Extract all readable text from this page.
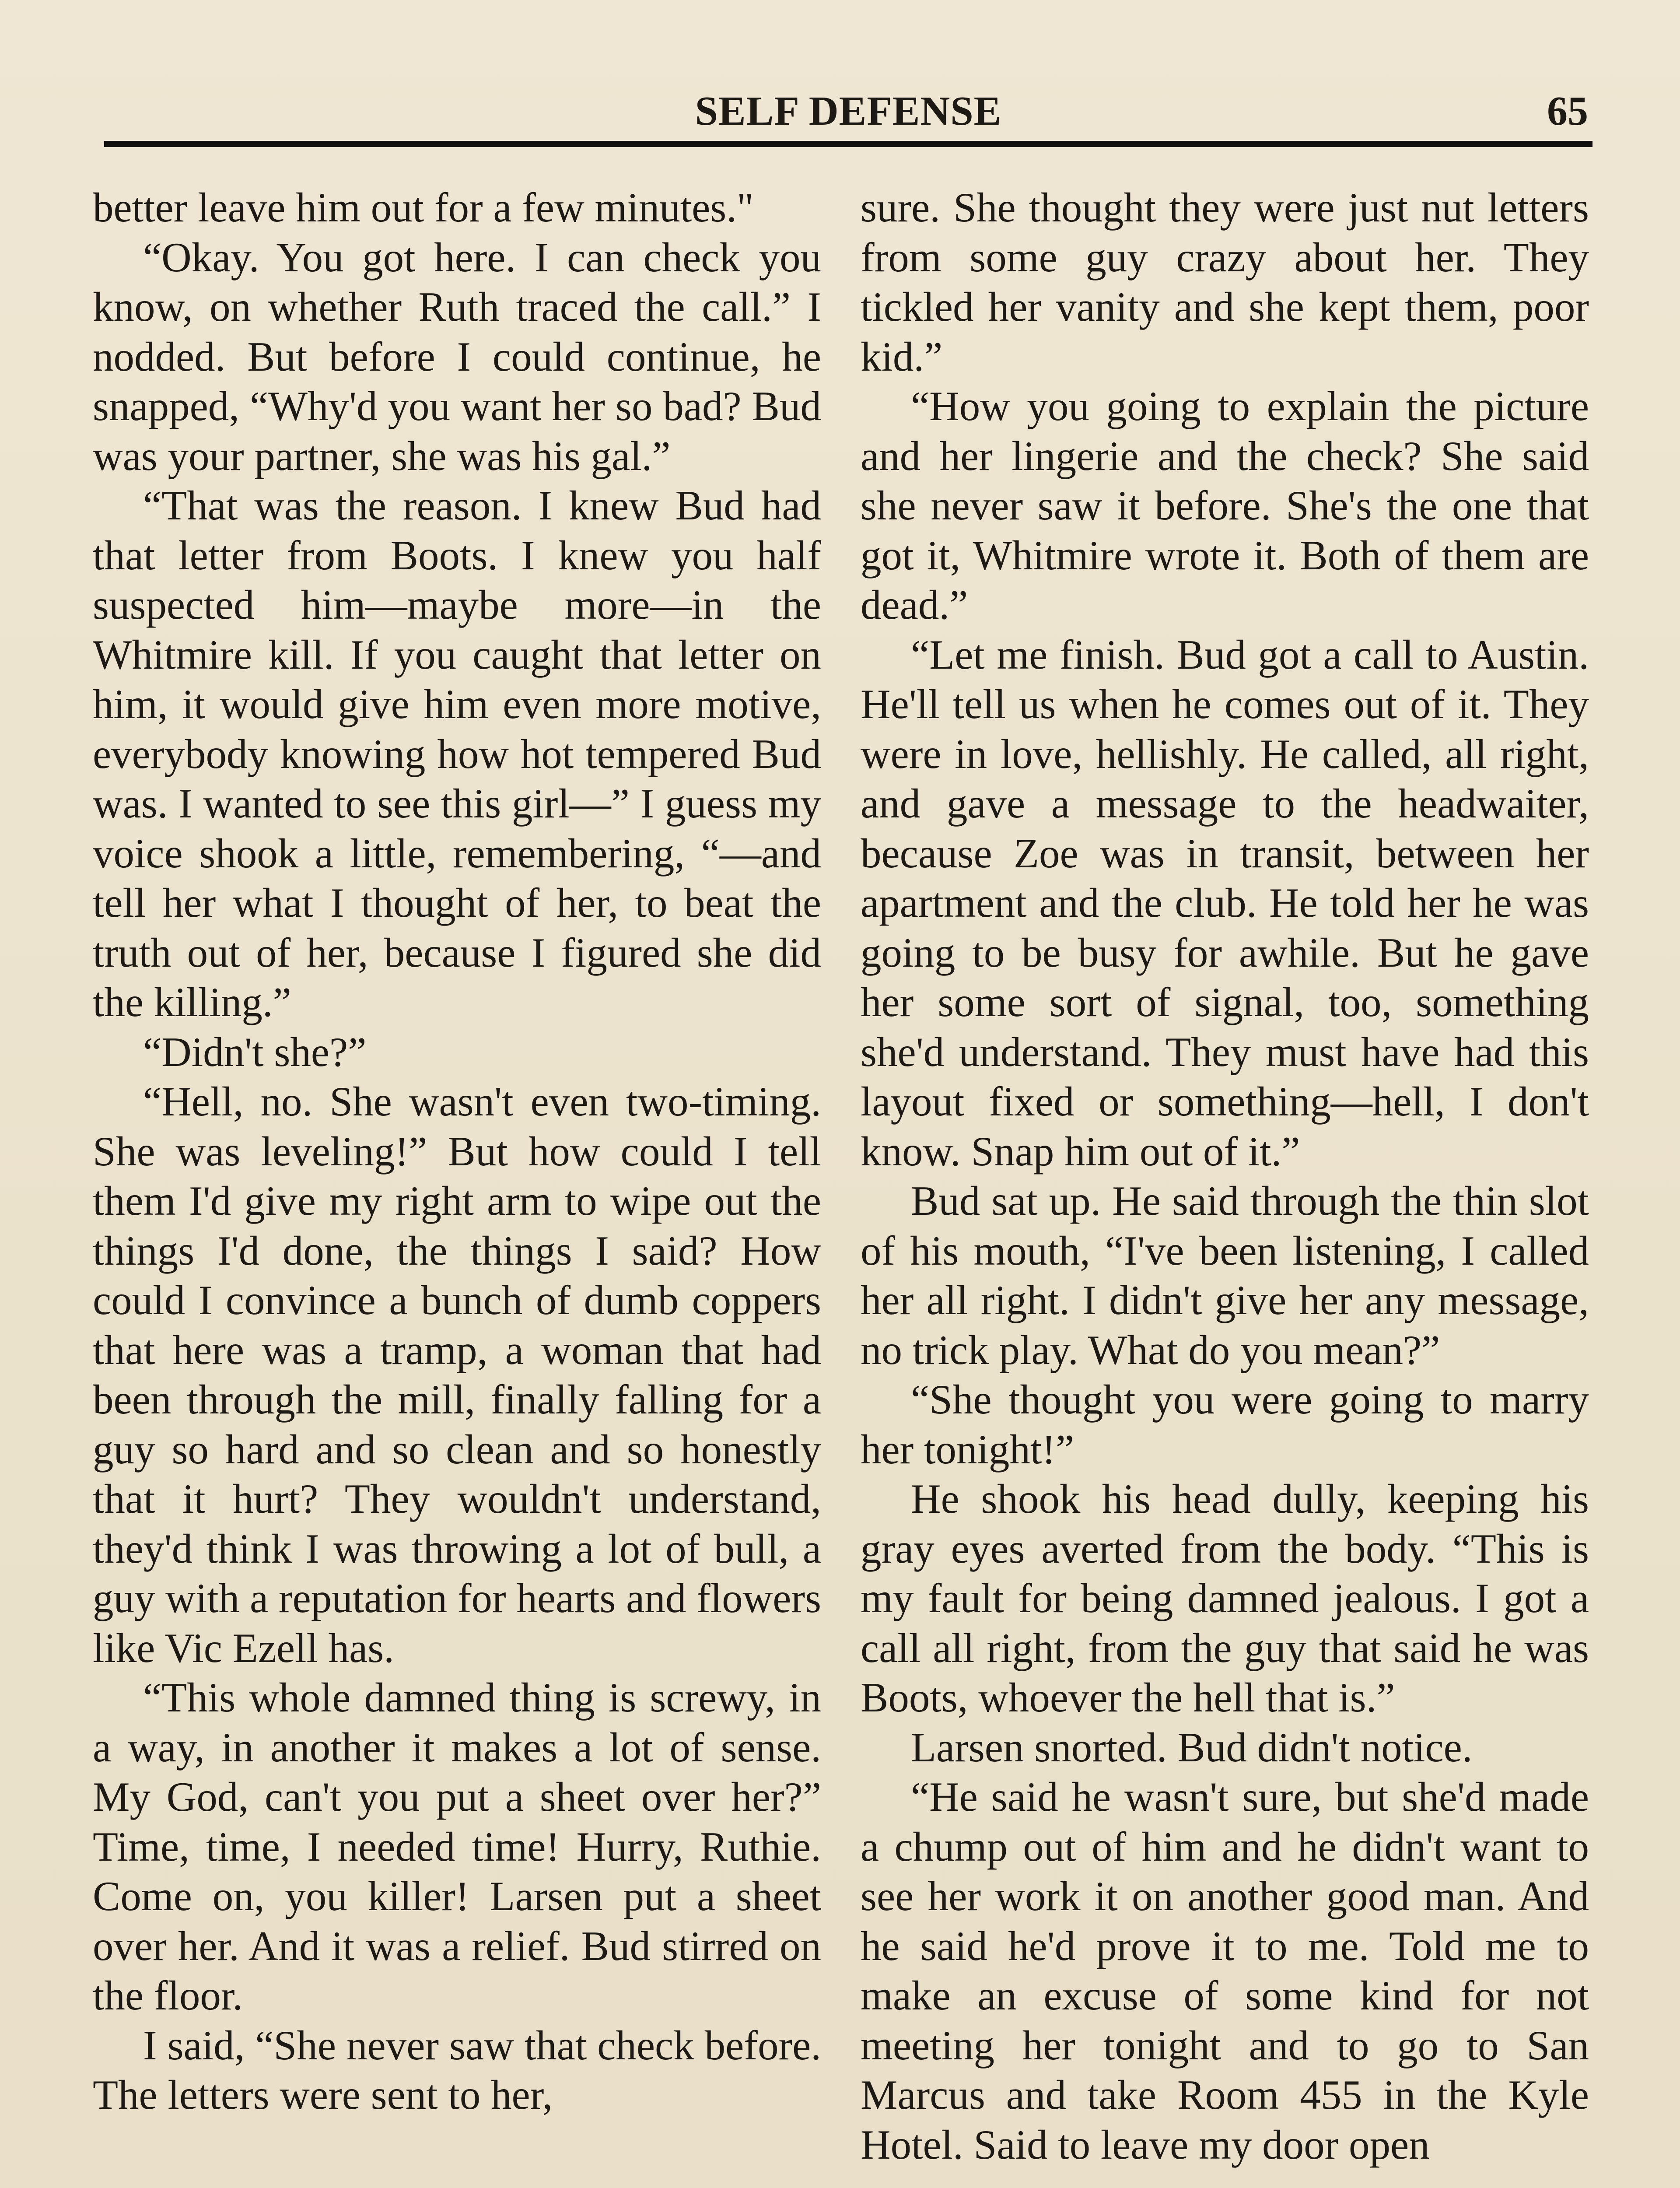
SELF DEFENSE	65

better leave him out for a few minutes."

“Okay. You got here. I can check you know, on whether Ruth traced the call.” I nodded. But before I could continue, he snapped, “Why'd you want her so bad? Bud was your partner, she was his gal.”

“That was the reason. I knew Bud had that letter from Boots. I knew you half suspected him—maybe more—in the Whitmire kill. If you caught that letter on him, it would give him even more motive, everybody knowing how hot tempered Bud was. I wanted to see this girl—” I guess my voice shook a little, remembering, “—and tell her what I thought of her, to beat the truth out of her, because I figured she did the killing.”

“Didn't she?”

“Hell, no. She wasn't even two-timing. She was leveling!” But how could I tell them I'd give my right arm to wipe out the things I'd done, the things I said? How could I convince a bunch of dumb coppers that here was a tramp, a woman that had been through the mill, finally falling for a guy so hard and so clean and so honestly that it hurt? They wouldn't understand, they'd think I was throwing a lot of bull, a guy with a reputation for hearts and flowers like Vic Ezell has.

“This whole damned thing is screwy, in a way, in another it makes a lot of sense. My God, can't you put a sheet over her?” Time, time, I needed time! Hurry, Ruthie. Come on, you killer! Larsen put a sheet over her. And it was a relief. Bud stirred on the floor.

I said, “She never saw that check before. The letters were sent to her,

sure. She thought they were just nut letters from some guy crazy about her. They tickled her vanity and she kept them, poor kid.”

“How you going to explain the picture and her lingerie and the check? She said she never saw it before. She's the one that got it, Whitmire wrote it. Both of them are dead.”

“Let me finish. Bud got a call to Austin. He'll tell us when he comes out of it. They were in love, hellishly. He called, all right, and gave a message to the headwaiter, because Zoe was in transit, between her apartment and the club. He told her he was going to be busy for awhile. But he gave her some sort of signal, too, something she'd understand. They must have had this layout fixed or something—hell, I don't know. Snap him out of it.”

Bud sat up. He said through the thin slot of his mouth, “I've been listening, I called her all right. I didn't give her any message, no trick play. What do you mean?”

“She thought you were going to marry her tonight!”

He shook his head dully, keeping his gray eyes averted from the body. “This is my fault for being damned jealous. I got a call all right, from the guy that said he was Boots, whoever the hell that is.”

Larsen snorted. Bud didn't notice.

“He said he wasn't sure, but she'd made a chump out of him and he didn't want to see her work it on another good man. And he said he'd prove it to me. Told me to make an excuse of some kind for not meeting her tonight and to go to San Marcus and take Room 455 in the Kyle Hotel. Said to leave my door open
